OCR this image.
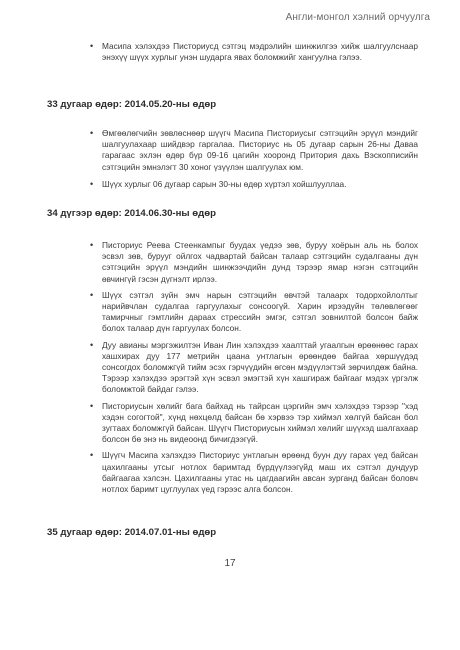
Англи-монгол хэлний орчуулга
• Масипа хэлэхдээ Писториусд сэтгэц мэдрэлийн шинжилгээ хийж шалгуулснаар энэхүү шүүх хурлыг унэн шударга явах боломжийг хангуулна гэлээ.
33 дугаар өдөр: 2014.05.20-ны өдөр
• Өмгөөлөгчийн зөвлөснөөр шүүгч Масипа Писториусыг сэтгэцийн эрүүл мэндийг шалгуулахаар шийдвэр гаргалаа. Писториус нь 05 дугаар сарын 26-ны Даваа гарагаас эхлэн өдөр бүр 09-16 цагийн хооронд Притория дахь Вэскопписийн сэтгэцийн эмнэлэгт 30 хоног үзүүлэн шалгуулах юм.
• Шүүх хурлыг 06 дугаар сарын 30-ны өдөр хүртэл хойшлууллаа.
34 дүгээр өдөр: 2014.06.30-ны өдөр
• Писториус Реева Стеенкампыг буудах үедээ зөв, буруу хоёрын аль нь болох эсвэл зөв, бурууг ойлгох чадвартай байсан талаар сэтгэцийн судалгааны дүн сэтгэцийн эрүүл мэндийн шинжээчдийн дунд тэрээр ямар нэгэн сэтгэцийн өвчингүй гэсэн дүгнэлт ирлээ.
• Шүүх сэтгэл зүйн эмч нарын сэтгэцийн өвчтэй талаарх тодорхойлолтыг нарийвчлан судалгаа гаргуулахыг сонсоогүй. Харин ирээдүйн төлөвлөгөөг тамирчныг гэмтлийн дараах стрессийн эмгэг, сэтгэл зовнилтой болсон байж болох талаар дүн гаргуулах болсон.
• Дуу авианы мэргэжилтэн Иван Лин хэлэхдээ хаалттай угаалгын өрөөнөөс гарах хашхирах дуу 177 метрийн цаана унтлагын өрөөндөө байгаа хөршүүдэд сонсогдох боломжгүй тийм эсэх гэрчүүдийн өгсөн мэдүүлэгтэй зөрчилдөж байна. Тэрээр хэлэхдээ эрэгтэй хүн эсвэл эмэгтэй хүн хашгираж байгааг мэдэх үргэлж боломжтой байдаг гэлээ.
• Писториусын хөлийг бага байхад нь тайрсан цэргийн эмч хэлэхдээ тэрээр "хэд хэдэн согогтой", хүнд нөхцөлд байсан бө хэрвээ тэр хиймэл хөлгүй байсан бол зугтаах боломжгүй байсан. Шүүгч Писториусын хиймэл хөлийг шүүхэд шалгахаар болсон бө энэ нь видеоонд бичигдээгүй.
• Шүүгч Масипа хэлэхдээ Писториус унтлагын өрөөнд буун дуу гарах үед байсан цахилгааны утсыг нотлох баримтад бүрдүүлээгүйд маш их сэтгэл дундуур байгаагаа хэлсэн. Цахилгааны утас нь цагдаагийн авсан зурганд байсан боловч нотлох баримт цуглуулах үед гэрээс алга болсон.
35 дугаар өдөр: 2014.07.01-ны өдөр
17
